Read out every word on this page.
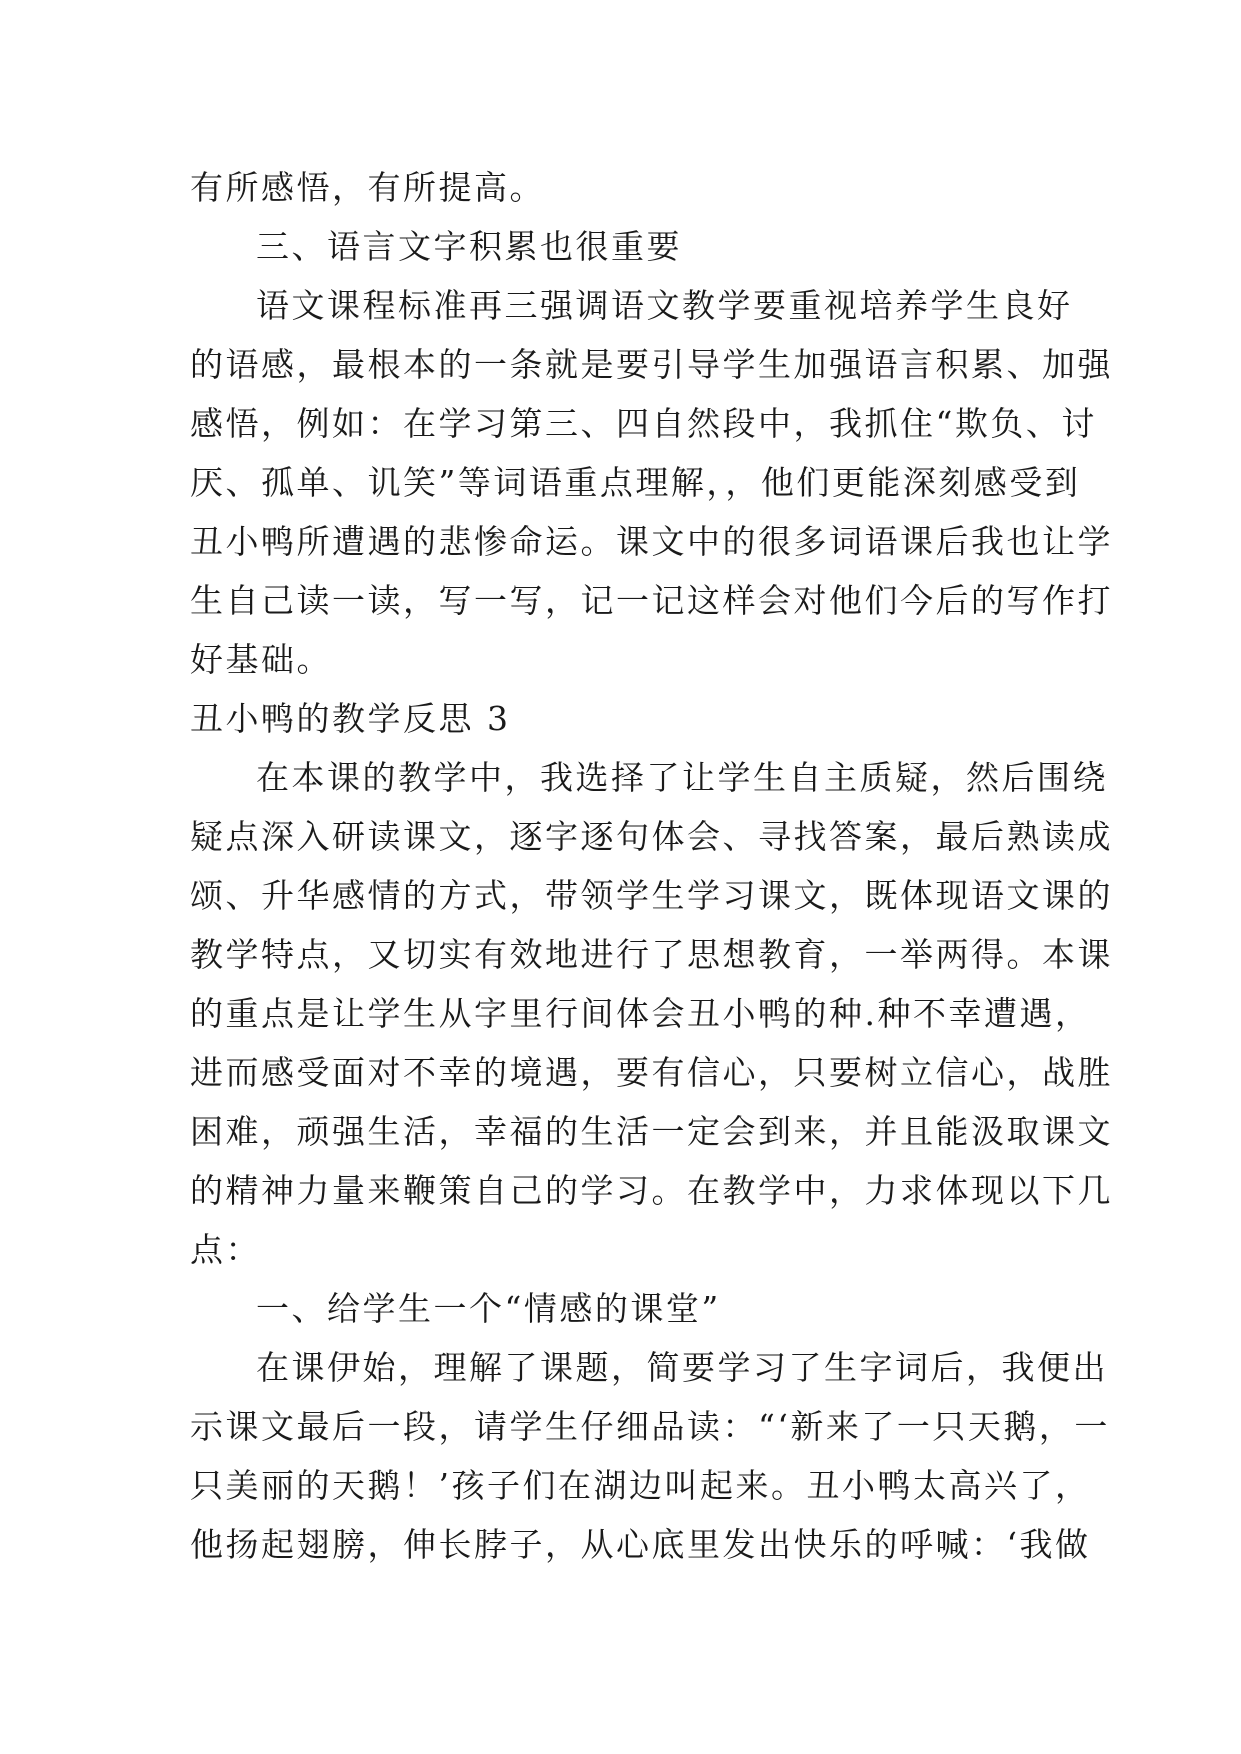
有所感悟，有所提高。
三、语言文字积累也很重要
语文课程标准再三强调语文教学要重视培养学生良好
的语感，最根本的一条就是要引导学生加强语言积累、加强
感悟，例如：在学习第三、四自然段中，我抓住“欺负、讨
厌、孤单、讥笑”等词语重点理解，，他们更能深刻感受到
丑小鸭所遭遇的悲惨命运。课文中的很多词语课后我也让学
生自己读一读，写一写，记一记这样会对他们今后的写作打
好基础。
丑小鸭的教学反思 3
在本课的教学中，我选择了让学生自主质疑，然后围绕
疑点深入研读课文，逐字逐句体会、寻找答案，最后熟读成
颂、升华感情的方式，带领学生学习课文，既体现语文课的
教学特点，又切实有效地进行了思想教育，一举两得。本课
的重点是让学生从字里行间体会丑小鸭的种.种不幸遭遇，
进而感受面对不幸的境遇，要有信心，只要树立信心，战胜
困难，顽强生活，幸福的生活一定会到来，并且能汲取课文
的精神力量来鞭策自己的学习。在教学中，力求体现以下几
点：
一、给学生一个“情感的课堂”
在课伊始，理解了课题，简要学习了生字词后，我便出
示课文最后一段，请学生仔细品读：“‘新来了一只天鹅，一
只美丽的天鹅！’孩子们在湖边叫起来。丑小鸭太高兴了，
他扬起翅膀，伸长脖子，从心底里发出快乐的呼喊：‘我做
